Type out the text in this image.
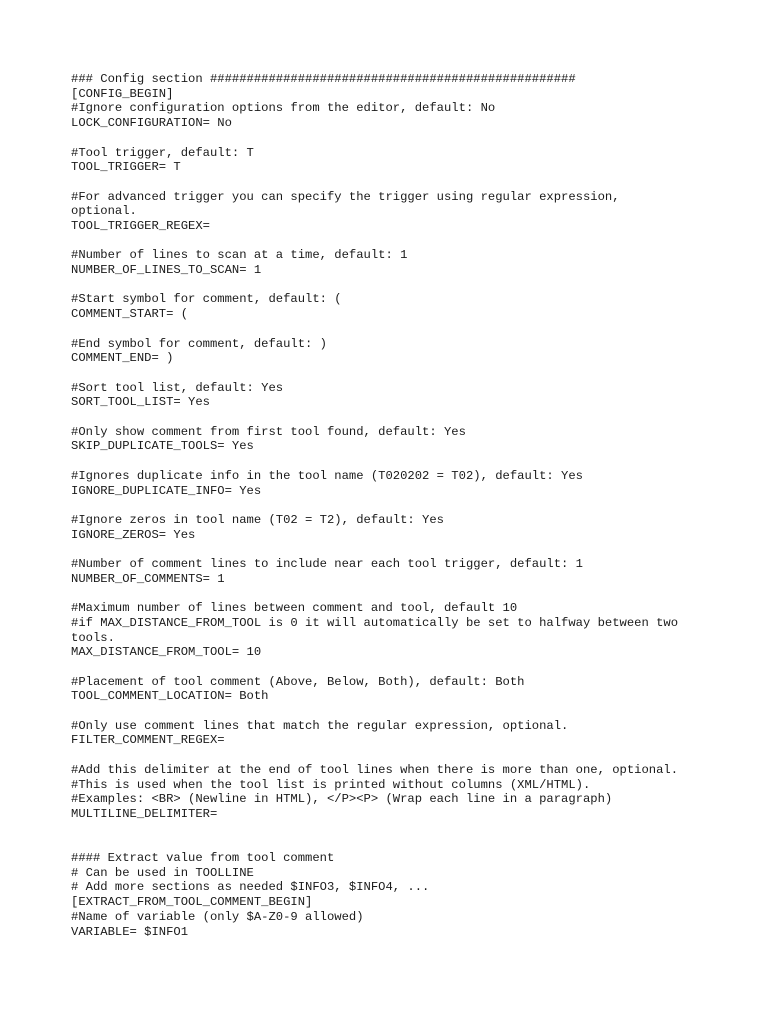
### Config section ##################################################
[CONFIG_BEGIN]
#Ignore configuration options from the editor, default: No
LOCK_CONFIGURATION= No
#Tool trigger, default: T
TOOL_TRIGGER= T
#For advanced trigger you can specify the trigger using regular expression,
optional.
TOOL_TRIGGER_REGEX=
#Number of lines to scan at a time, default: 1
NUMBER_OF_LINES_TO_SCAN= 1
#Start symbol for comment, default: (
COMMENT_START= (
#End symbol for comment, default: )
COMMENT_END= )
#Sort tool list, default: Yes
SORT_TOOL_LIST= Yes
#Only show comment from first tool found, default: Yes
SKIP_DUPLICATE_TOOLS= Yes
#Ignores duplicate info in the tool name (T020202 = T02), default: Yes
IGNORE_DUPLICATE_INFO= Yes
#Ignore zeros in tool name (T02 = T2), default: Yes
IGNORE_ZEROS= Yes
#Number of comment lines to include near each tool trigger, default: 1
NUMBER_OF_COMMENTS= 1
#Maximum number of lines between comment and tool, default 10
#if MAX_DISTANCE_FROM_TOOL is 0 it will automatically be set to halfway between two
tools.
MAX_DISTANCE_FROM_TOOL= 10
#Placement of tool comment (Above, Below, Both), default: Both
TOOL_COMMENT_LOCATION= Both
#Only use comment lines that match the regular expression, optional.
FILTER_COMMENT_REGEX=
#Add this delimiter at the end of tool lines when there is more than one, optional.
#This is used when the tool list is printed without columns (XML/HTML).
#Examples: <BR> (Newline in HTML), </P><P> (Wrap each line in a paragraph)
MULTILINE_DELIMITER=
#### Extract value from tool comment
# Can be used in TOOLLINE
# Add more sections as needed $INFO3, $INFO4, ...
[EXTRACT_FROM_TOOL_COMMENT_BEGIN]
#Name of variable (only $A-Z0-9 allowed)
VARIABLE= $INFO1
